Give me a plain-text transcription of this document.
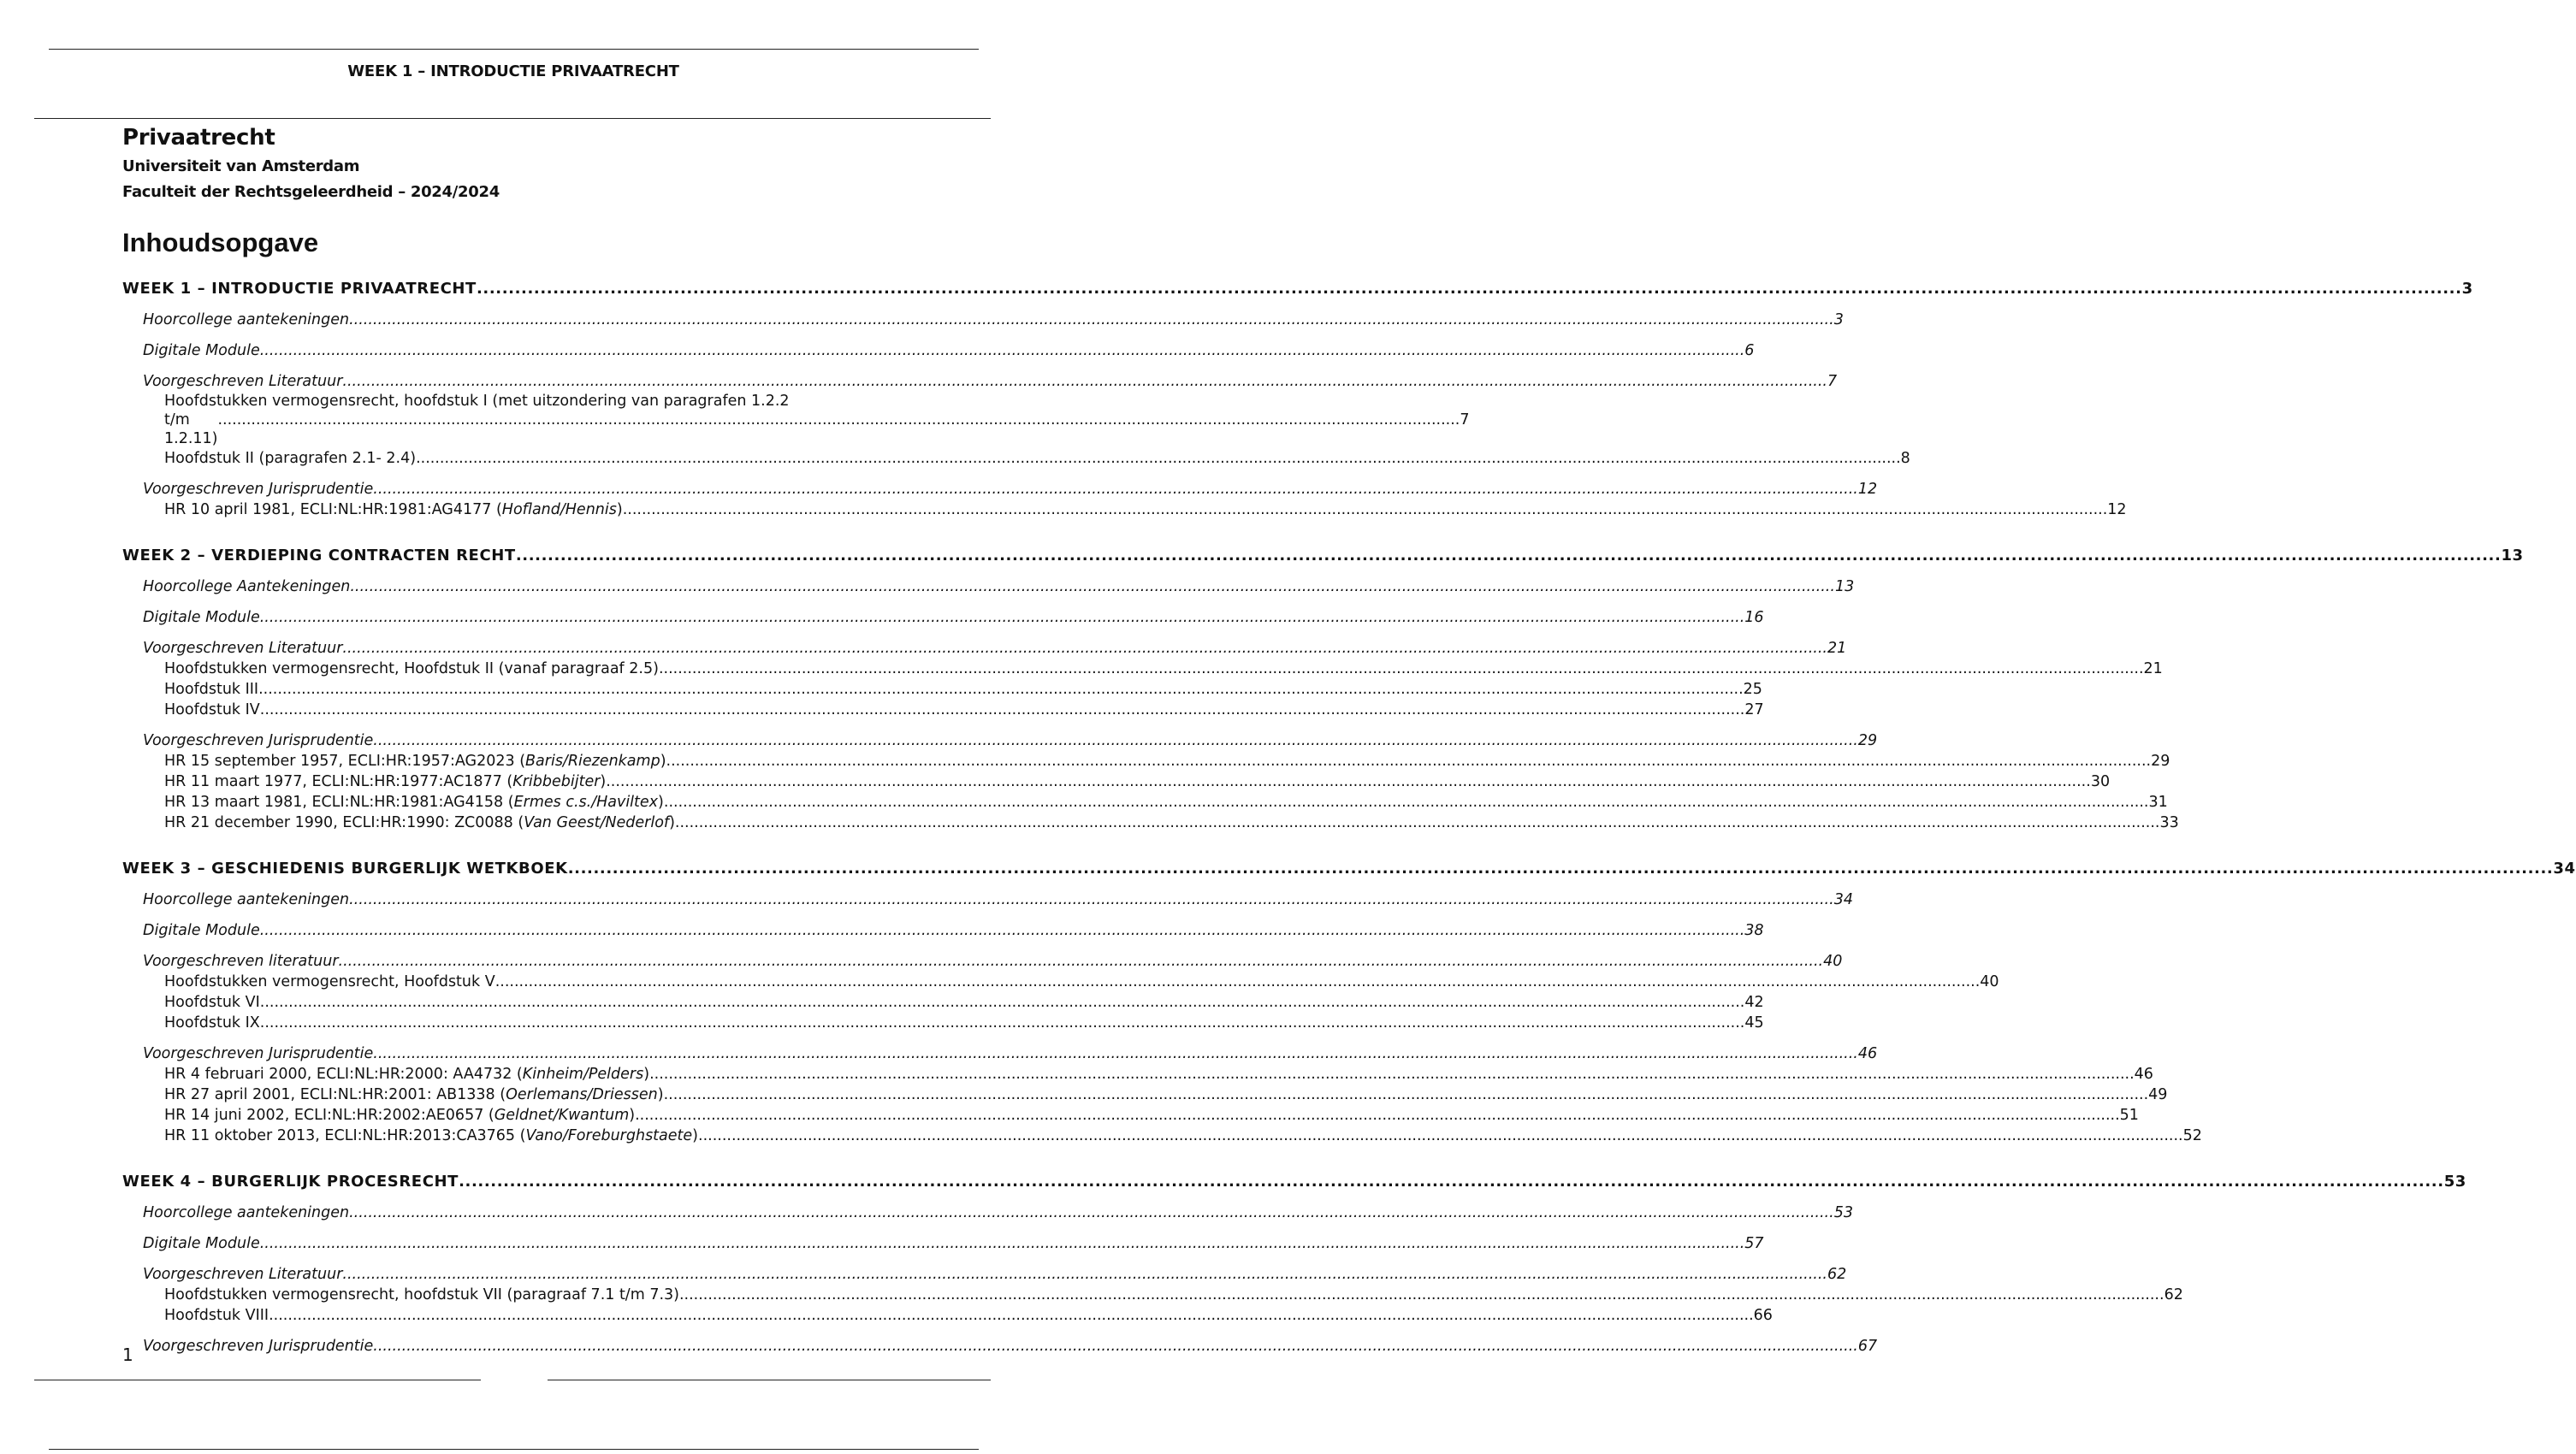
WEEK 1 – INTRODUCTIE PRIVAATRECHT
Privaatrecht
Universiteit van Amsterdam
Faculteit der Rechtsgeleerdheid – 2024/2024
Inhoudsopgave
WEEK 1 – INTRODUCTIE PRIVAATRECHT .....	3
Hoorcollege aantekeningen .....	3
Digitale Module .....	6
Voorgeschreven Literatuur .....	7
Hoofdstukken vermogensrecht, hoofdstuk I (met uitzondering van paragrafen 1.2.2
t/m 1.2.11)
..................................................................................................................................................................................................................................................................... 7
Hoofdstuk II (paragrafen 2.1- 2.4) .....	8
Voorgeschreven Jurisprudentie .....	12
HR 10 april 1981, ECLI:NL:HR:1981:AG4177 (Hofland/Hennis) .....	12
WEEK 2 – VERDIEPING CONTRACTEN RECHT .....	13
Hoorcollege Aantekeningen .....	13
Digitale Module .....	16
Voorgeschreven Literatuur .....	21
Hoofdstukken vermogensrecht, Hoofdstuk II (vanaf paragraaf 2.5) .....	21
Hoofdstuk III .....	25
Hoofdstuk IV .....	27
Voorgeschreven Jurisprudentie .....	29
HR 15 september 1957, ECLI:HR:1957:AG2023 (Baris/Riezenkamp) .....	29
HR 11 maart 1977, ECLI:NL:HR:1977:AC1877 (Kribbebijter) .....	30
HR 13 maart 1981, ECLI:NL:HR:1981:AG4158 (Ermes c.s./Haviltex) .....	31
HR 21 december 1990, ECLI:HR:1990: ZC0088 (Van Geest/Nederlof) .....	33
WEEK 3 – GESCHIEDENIS BURGERLIJK WETKBOEK .....	34
Hoorcollege aantekeningen .....	34
Digitale Module .....	38
Voorgeschreven literatuur .....	40
Hoofdstukken vermogensrecht, Hoofdstuk V .....	40
Hoofdstuk VI .....	42
Hoofdstuk IX .....	45
Voorgeschreven Jurisprudentie .....	46
HR 4 februari 2000, ECLI:NL:HR:2000: AA4732 (Kinheim/Pelders) .....	46
HR 27 april 2001, ECLI:NL:HR:2001: AB1338 (Oerlemans/Driessen) .....	49
HR 14 juni 2002, ECLI:NL:HR:2002:AE0657 (Geldnet/Kwantum) .....	51
HR 11 oktober 2013, ECLI:NL:HR:2013:CA3765 (Vano/Foreburghstaete) .....	52
WEEK 4 – BURGERLIJK PROCESRECHT .....	53
Hoorcollege aantekeningen .....	53
Digitale Module .....	57
Voorgeschreven Literatuur .....	62
Hoofdstukken vermogensrecht, hoofdstuk VII (paragraaf 7.1 t/m 7.3) .....	62
Hoofdstuk VIII .....	66
Voorgeschreven Jurisprudentie .....	67
1
